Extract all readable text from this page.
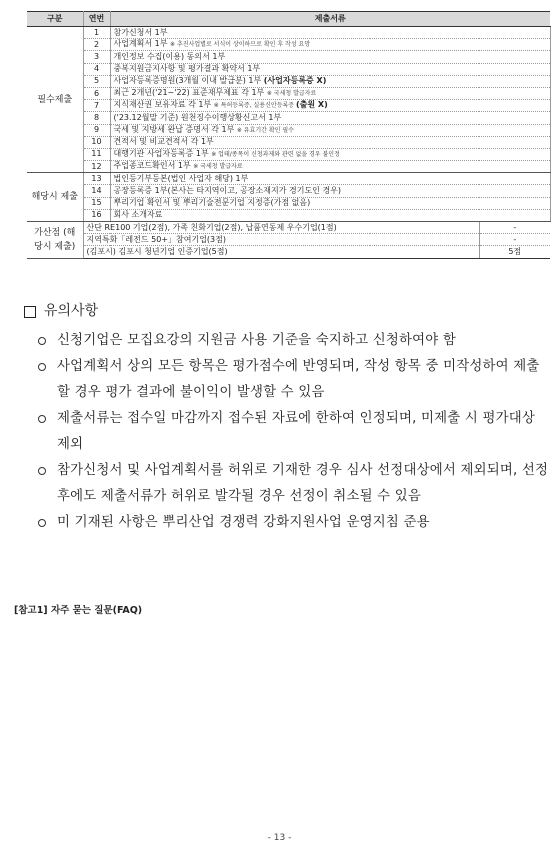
구분	연번	제출서류	
필수제출	1	참가신청서 1부	
	2	사업계획서 1부 ※ 추진사업별로 서식이 상이하므로 확인 후 작성 요망	
	3	개인정보 수집(이용) 동의서 1부	
	4	중복지원금지사항 및 평가결과 확약서 1부	
	5	사업자등록증명원(3개월 이내 발급분) 1부 (사업자등록증 X)	
	6	최근 2개년('21~'22) 표준재무제표 각 1부 ※ 국세청 발급자료	
	7	지식재산권 보유자료 각 1부 ※ 특허등록증, 실용신안등록증 (출원 X)	
	8	('23.12월말 기준) 원천징수이행상황신고서 1부	
	9	국세 및 지방세 완납 증명서 각 1부 ※ 유효기간 확인 필수	
	10	견적서 및 비교견적서 각 1부	
	11	대행기관 사업자등록증 1부 ※ 업태/종목이 신청과제와 관련 없을 경우 불인정	
	12	주업종코드확인서 1부 ※ 국세청 발급자료	
해당시 제출	13	법인등기부등본(법인 사업자 해당) 1부	
	14	공장등록증 1부(본사는 타지역이고, 공장소재지가 경기도인 경우)	
	15	뿌리기업 확인서 및 뿌리기술전문기업 지정증(가점 없음)	
	16	회사 소개자료	
가산점 (해당시 제출)	산단 RE100 기업(2점), 가족 친화기업(2점), 납품연동제 우수기업(1점)		-
	지역특화「레전드 50+」참여기업(3점)		-
	(김포시) 김포시 청년기업 인증기업(5점)		5점
유의사항

신청기업은 모집요강의 지원금 사용 기준을 숙지하고 신청하여야 함

사업계획서 상의 모든 항목은 평가점수에 반영되며, 작성 항목 중 미작성하여 제출할 경우 평가 결과에 불이익이 발생할 수 있음

제출서류는 접수일 마감까지 접수된 자료에 한하여 인정되며, 미제출 시 평가대상 제외

참가신청서 및 사업계획서를 허위로 기재한 경우 심사 선정대상에서 제외되며, 선정 후에도 제출서류가 허위로 발각될 경우 선정이 취소될 수 있음

미 기재된 사항은 뿌리산업 경쟁력 강화지원사업 운영지침 준용

[참고1] 자주 묻는 질문(FAQ)
- 13 -
